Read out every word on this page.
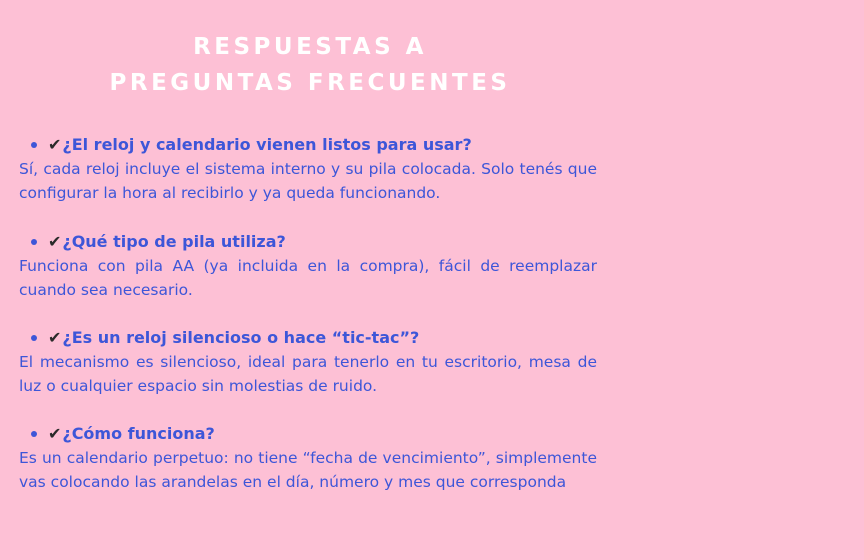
RESPUESTAS A
PREGUNTAS FRECUENTES
✔¿El reloj y calendario vienen listos para usar?
Sí, cada reloj incluye el sistema interno y su pila colocada. Solo tenés que configurar la hora al recibirlo y ya queda funcionando.
✔¿Qué tipo de pila utiliza?
Funciona con pila AA (ya incluida en la compra), fácil de reemplazar cuando sea necesario.
✔¿Es un reloj silencioso o hace “tic-tac”?
El mecanismo es silencioso, ideal para tenerlo en tu escritorio, mesa de luz o cualquier espacio sin molestias de ruido.
✔¿Cómo funciona?
Es un calendario perpetuo: no tiene “fecha de vencimiento”, simplemente vas colocando las arandelas en el día, número y mes que corresponda
